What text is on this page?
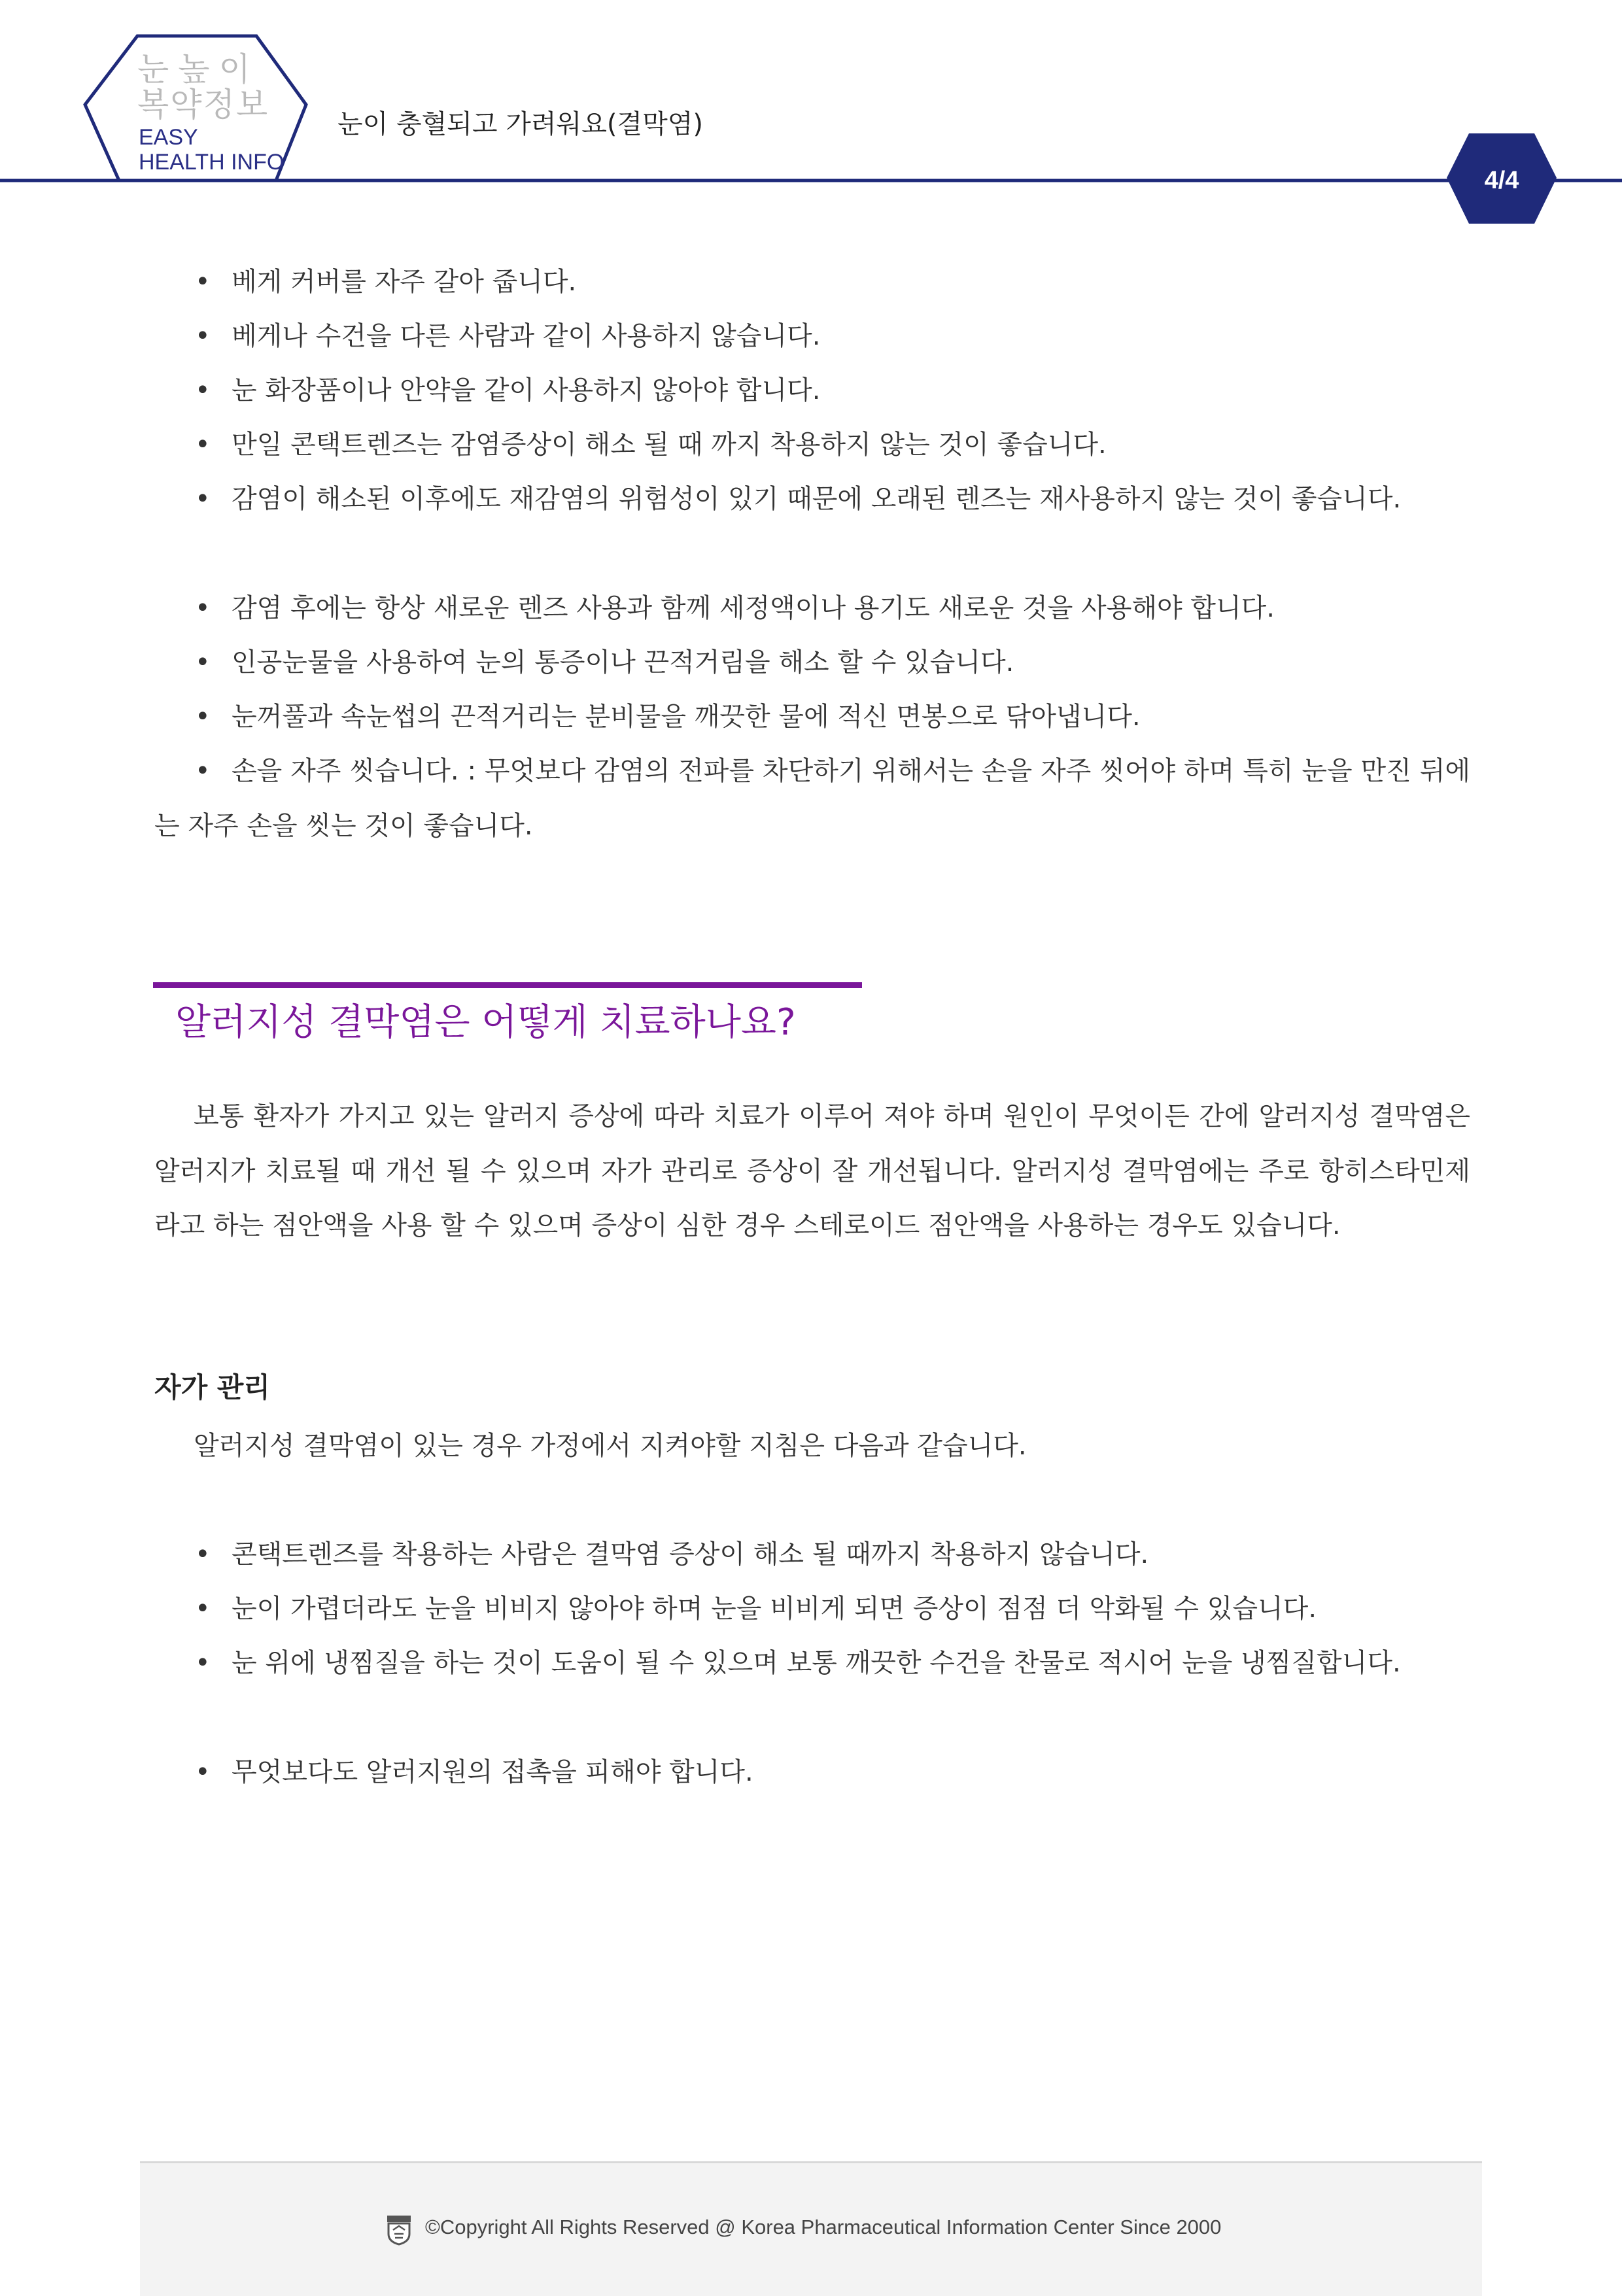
눈높이
복약정보
EASY
HEALTH INFO
눈이 충혈되고 가려워요(결막염)
4/4

• 베게 커버를 자주 갈아 줍니다.

• 베게나 수건을 다른 사람과 같이 사용하지 않습니다.

• 눈 화장품이나 안약을 같이 사용하지 않아야 합니다.

• 만일 콘택트렌즈는 감염증상이 해소 될 때 까지 착용하지 않는 것이 좋습니다.

• 감염이 해소된 이후에도 재감염의 위험성이 있기 때문에 오래된 렌즈는 재사용하지 않는 것이 좋습니다.

• 감염 후에는 항상 새로운 렌즈 사용과 함께 세정액이나 용기도 새로운 것을 사용해야 합니다.

• 인공눈물을 사용하여 눈의 통증이나 끈적거림을 해소 할 수 있습니다.

• 눈꺼풀과 속눈썹의 끈적거리는 분비물을 깨끗한 물에 적신 면봉으로 닦아냅니다.

• 손을 자주 씻습니다. : 무엇보다 감염의 전파를 차단하기 위해서는 손을 자주 씻어야 하며 특히 눈을 만진 뒤에는 자주 손을 씻는 것이 좋습니다.

알러지성 결막염은 어떻게 치료하나요?

보통 환자가 가지고 있는 알러지 증상에 따라 치료가 이루어 져야 하며 원인이 무엇이든 간에 알러지성 결막염은 알러지가 치료될 때 개선 될 수 있으며 자가 관리로 증상이 잘 개선됩니다. 알러지성 결막염에는 주로 항히스타민제라고 하는 점안액을 사용 할 수 있으며 증상이 심한 경우 스테로이드 점안액을 사용하는 경우도 있습니다.

자가 관리

알러지성 결막염이 있는 경우 가정에서 지켜야할 지침은 다음과 같습니다.

• 콘택트렌즈를 착용하는 사람은 결막염 증상이 해소 될 때까지 착용하지 않습니다.

• 눈이 가렵더라도 눈을 비비지 않아야 하며 눈을 비비게 되면 증상이 점점 더 악화될 수 있습니다.

• 눈 위에 냉찜질을 하는 것이 도움이 될 수 있으며 보통 깨끗한 수건을 찬물로 적시어 눈을 냉찜질합니다.

• 무엇보다도 알러지원의 접촉을 피해야 합니다.

©Copyright All Rights Reserved @ Korea Pharmaceutical Information Center Since 2000
